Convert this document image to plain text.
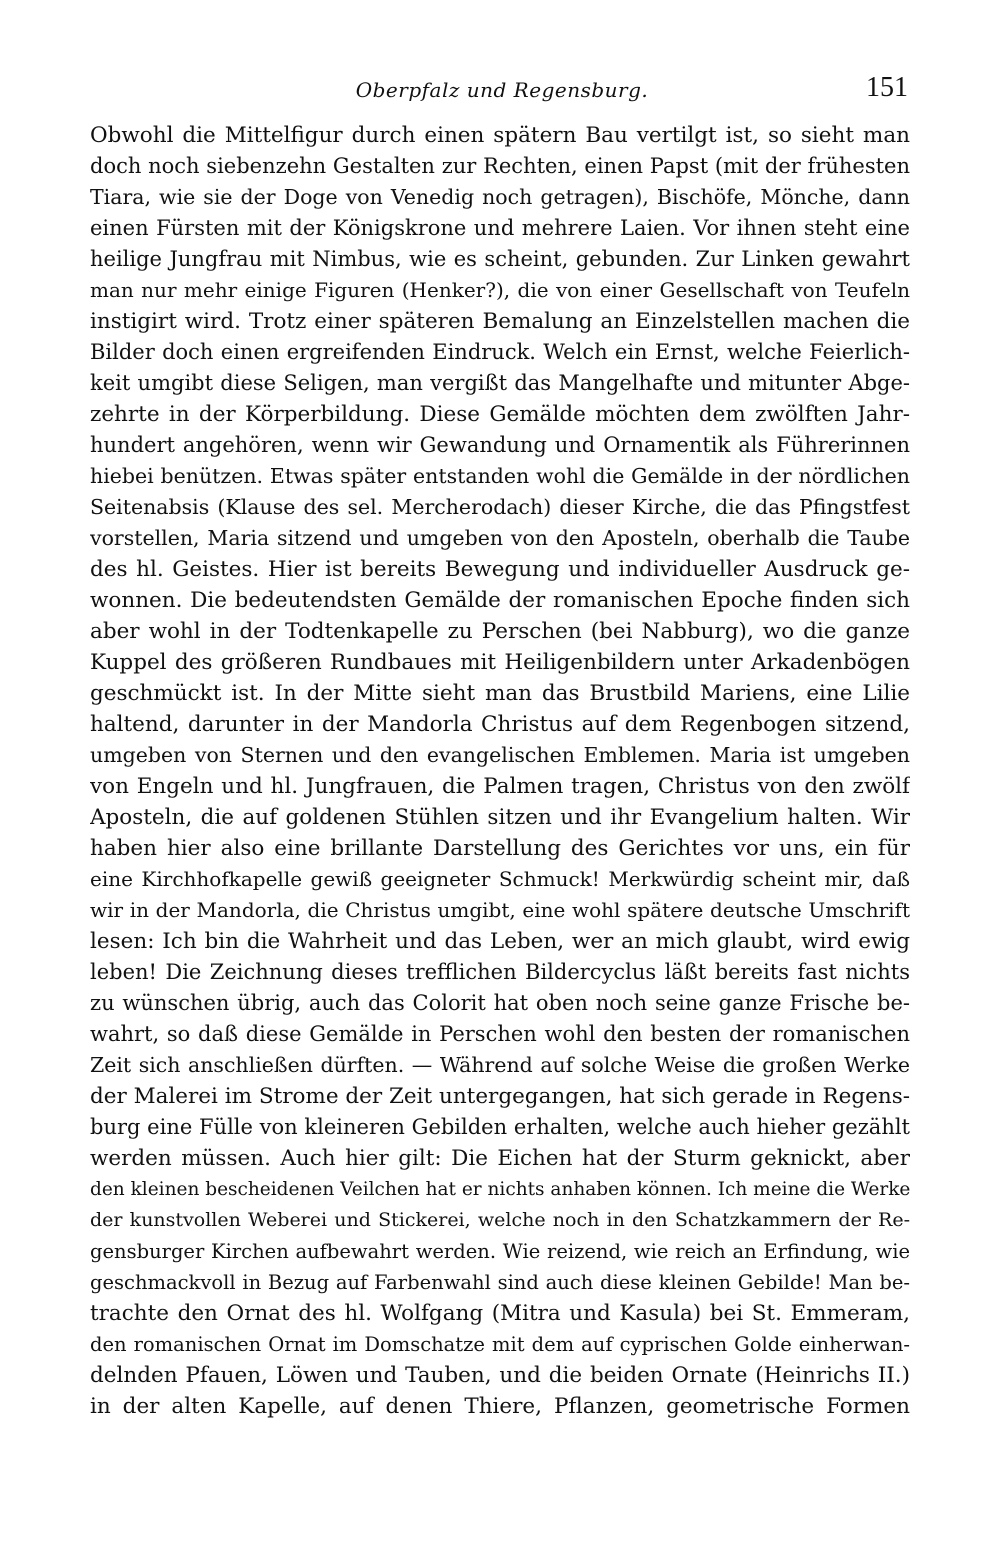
Oberpfalz und Regensburg.	151
Obwohl die Mittelfigur durch einen spätern Bau vertilgt ist, so sieht man
doch noch siebenzehn Gestalten zur Rechten, einen Papst (mit der frühesten
Tiara, wie sie der Doge von Venedig noch getragen), Bischöfe, Mönche, dann
einen Fürsten mit der Königskrone und mehrere Laien. Vor ihnen steht eine
heilige Jungfrau mit Nimbus, wie es scheint, gebunden. Zur Linken gewahrt
man nur mehr einige Figuren (Henker?), die von einer Gesellschaft von Teufeln
instigirt wird. Trotz einer späteren Bemalung an Einzelstellen machen die
Bilder doch einen ergreifenden Eindruck. Welch ein Ernst, welche Feierlich-
keit umgibt diese Seligen, man vergißt das Mangelhafte und mitunter Abge-
zehrte in der Körperbildung. Diese Gemälde möchten dem zwölften Jahr-
hundert angehören, wenn wir Gewandung und Ornamentik als Führerinnen
hiebei benützen. Etwas später entstanden wohl die Gemälde in der nördlichen
Seitenabsis (Klause des sel. Mercherodach) dieser Kirche, die das Pfingstfest
vorstellen, Maria sitzend und umgeben von den Aposteln, oberhalb die Taube
des hl. Geistes. Hier ist bereits Bewegung und individueller Ausdruck ge-
wonnen. Die bedeutendsten Gemälde der romanischen Epoche finden sich
aber wohl in der Todtenkapelle zu Perschen (bei Nabburg), wo die ganze
Kuppel des größeren Rundbaues mit Heiligenbildern unter Arkadenbögen
geschmückt ist. In der Mitte sieht man das Brustbild Mariens, eine Lilie
haltend, darunter in der Mandorla Christus auf dem Regenbogen sitzend,
umgeben von Sternen und den evangelischen Emblemen. Maria ist umgeben
von Engeln und hl. Jungfrauen, die Palmen tragen, Christus von den zwölf
Aposteln, die auf goldenen Stühlen sitzen und ihr Evangelium halten. Wir
haben hier also eine brillante Darstellung des Gerichtes vor uns, ein für
eine Kirchhofkapelle gewiß geeigneter Schmuck! Merkwürdig scheint mir, daß
wir in der Mandorla, die Christus umgibt, eine wohl spätere deutsche Umschrift
lesen: Ich bin die Wahrheit und das Leben, wer an mich glaubt, wird ewig
leben! Die Zeichnung dieses trefflichen Bildercyclus läßt bereits fast nichts
zu wünschen übrig, auch das Colorit hat oben noch seine ganze Frische be-
wahrt, so daß diese Gemälde in Perschen wohl den besten der romanischen
Zeit sich anschließen dürften. — Während auf solche Weise die großen Werke
der Malerei im Strome der Zeit untergegangen, hat sich gerade in Regens-
burg eine Fülle von kleineren Gebilden erhalten, welche auch hieher gezählt
werden müssen. Auch hier gilt: Die Eichen hat der Sturm geknickt, aber
den kleinen bescheidenen Veilchen hat er nichts anhaben können. Ich meine die Werke
der kunstvollen Weberei und Stickerei, welche noch in den Schatzkammern der Re-
gensburger Kirchen aufbewahrt werden. Wie reizend, wie reich an Erfindung, wie
geschmackvoll in Bezug auf Farbenwahl sind auch diese kleinen Gebilde! Man be-
trachte den Ornat des hl. Wolfgang (Mitra und Kasula) bei St. Emmeram,
den romanischen Ornat im Domschatze mit dem auf cyprischen Golde einherwan-
delnden Pfauen, Löwen und Tauben, und die beiden Ornate (Heinrichs II.)
in der alten Kapelle, auf denen Thiere, Pflanzen, geometrische Formen
